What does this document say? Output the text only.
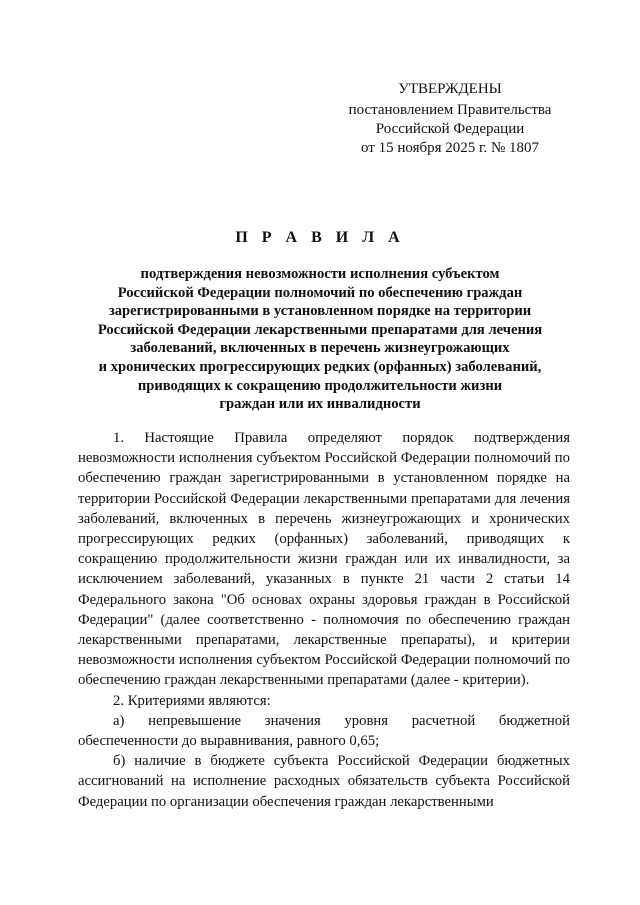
УТВЕРЖДЕНЫ
постановлением Правительства
Российской Федерации
от 15 ноября 2025 г. № 1807
П Р А В И Л А
подтверждения невозможности исполнения субъектом
Российской Федерации полномочий по обеспечению граждан
зарегистрированными в установленном порядке на территории
Российской Федерации лекарственными препаратами для лечения
заболеваний, включенных в перечень жизнеугрожающих
и хронических прогрессирующих редких (орфанных) заболеваний,
приводящих к сокращению продолжительности жизни
граждан или их инвалидности

1. Настоящие Правила определяют порядок подтверждения невозможности исполнения субъектом Российской Федерации полномочий по обеспечению граждан зарегистрированными в установленном порядке на территории Российской Федерации лекарственными препаратами для лечения заболеваний, включенных в перечень жизнеугрожающих и хронических прогрессирующих редких (орфанных) заболеваний, приводящих к сокращению продолжительности жизни граждан или их инвалидности, за исключением заболеваний, указанных в пункте 21 части 2 статьи 14 Федерального закона "Об основах охраны здоровья граждан в Российской Федерации" (далее соответственно - полномочия по обеспечению граждан лекарственными препаратами, лекарственные препараты), и критерии невозможности исполнения субъектом Российской Федерации полномочий по обеспечению граждан лекарственными препаратами (далее - критерии).

2. Критериями являются:

а) непревышение значения уровня расчетной бюджетной обеспеченности до выравнивания, равного 0,65;

б) наличие в бюджете субъекта Российской Федерации бюджетных ассигнований на исполнение расходных обязательств субъекта Российской Федерации по организации обеспечения граждан лекарственными
